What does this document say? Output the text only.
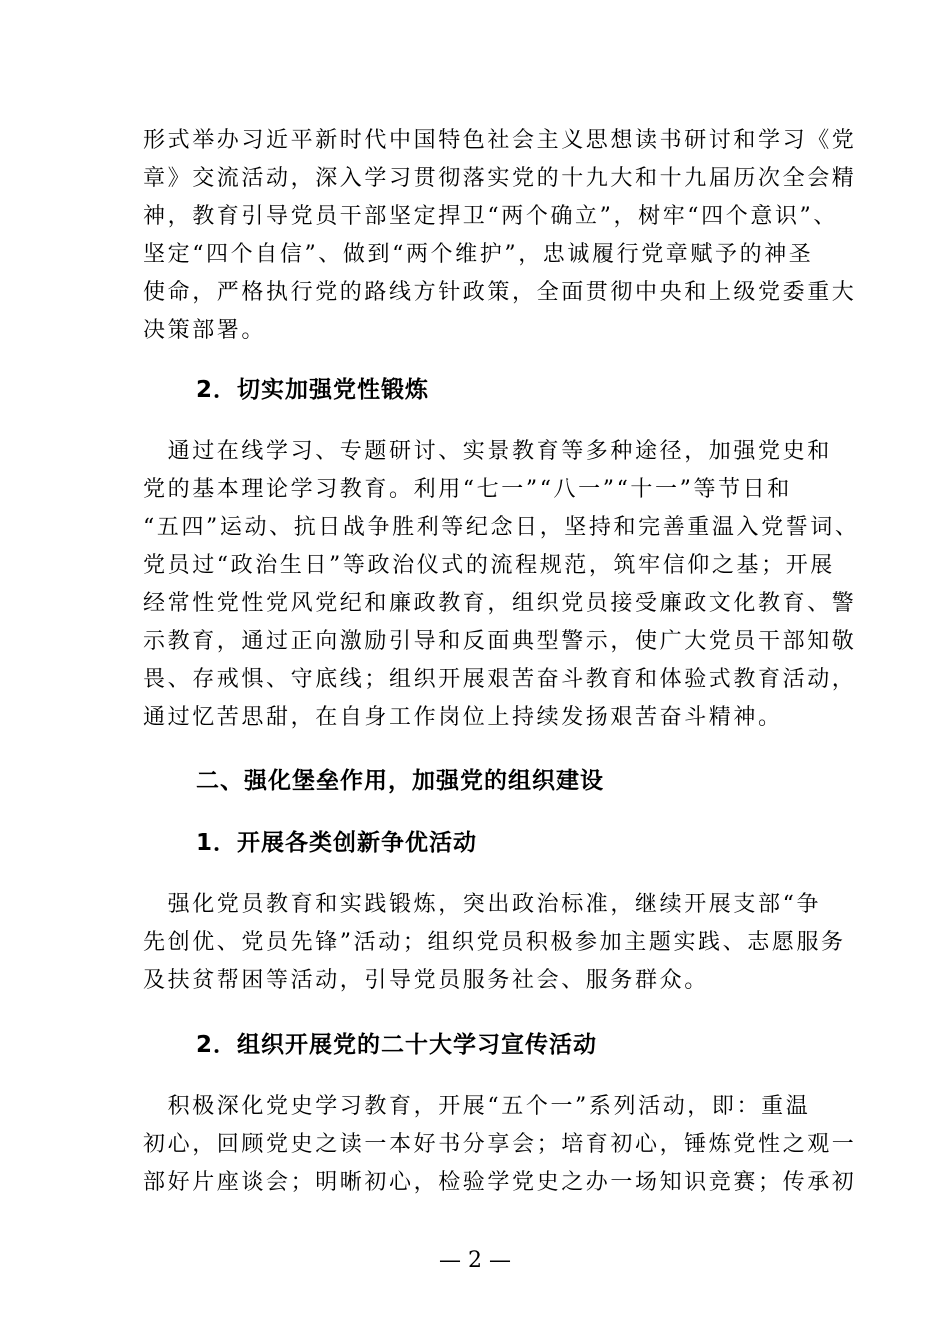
形式举办习近平新时代中国特色社会主义思想读书研讨和学习《党

章》交流活动，深入学习贯彻落实党的十九大和十九届历次全会精

神，教育引导党员干部坚定捍卫“两个确立”，树牢“四个意识”、

坚定“四个自信”、做到“两个维护”，忠诚履行党章赋予的神圣

使命，严格执行党的路线方针政策，全面贯彻中央和上级党委重大

决策部署。

2．切实加强党性锻炼

　通过在线学习、专题研讨、实景教育等多种途径，加强党史和

党的基本理论学习教育。利用“七一”“八一”“十一”等节日和

“五四”运动、抗日战争胜利等纪念日，坚持和完善重温入党誓词、

党员过“政治生日”等政治仪式的流程规范，筑牢信仰之基；开展

经常性党性党风党纪和廉政教育，组织党员接受廉政文化教育、警

示教育，通过正向激励引导和反面典型警示，使广大党员干部知敬

畏、存戒惧、守底线；组织开展艰苦奋斗教育和体验式教育活动，

通过忆苦思甜，在自身工作岗位上持续发扬艰苦奋斗精神。

二、强化堡垒作用，加强党的组织建设
1．开展各类创新争优活动

　强化党员教育和实践锻炼，突出政治标准，继续开展支部“争

先创优、党员先锋”活动；组织党员积极参加主题实践、志愿服务

及扶贫帮困等活动，引导党员服务社会、服务群众。

2．组织开展党的二十大学习宣传活动

　积极深化党史学习教育，开展“五个一”系列活动，即：重温

初心，回顾党史之读一本好书分享会；培育初心，锤炼党性之观一

部好片座谈会；明晰初心，检验学党史之办一场知识竞赛；传承初

— 2 —
